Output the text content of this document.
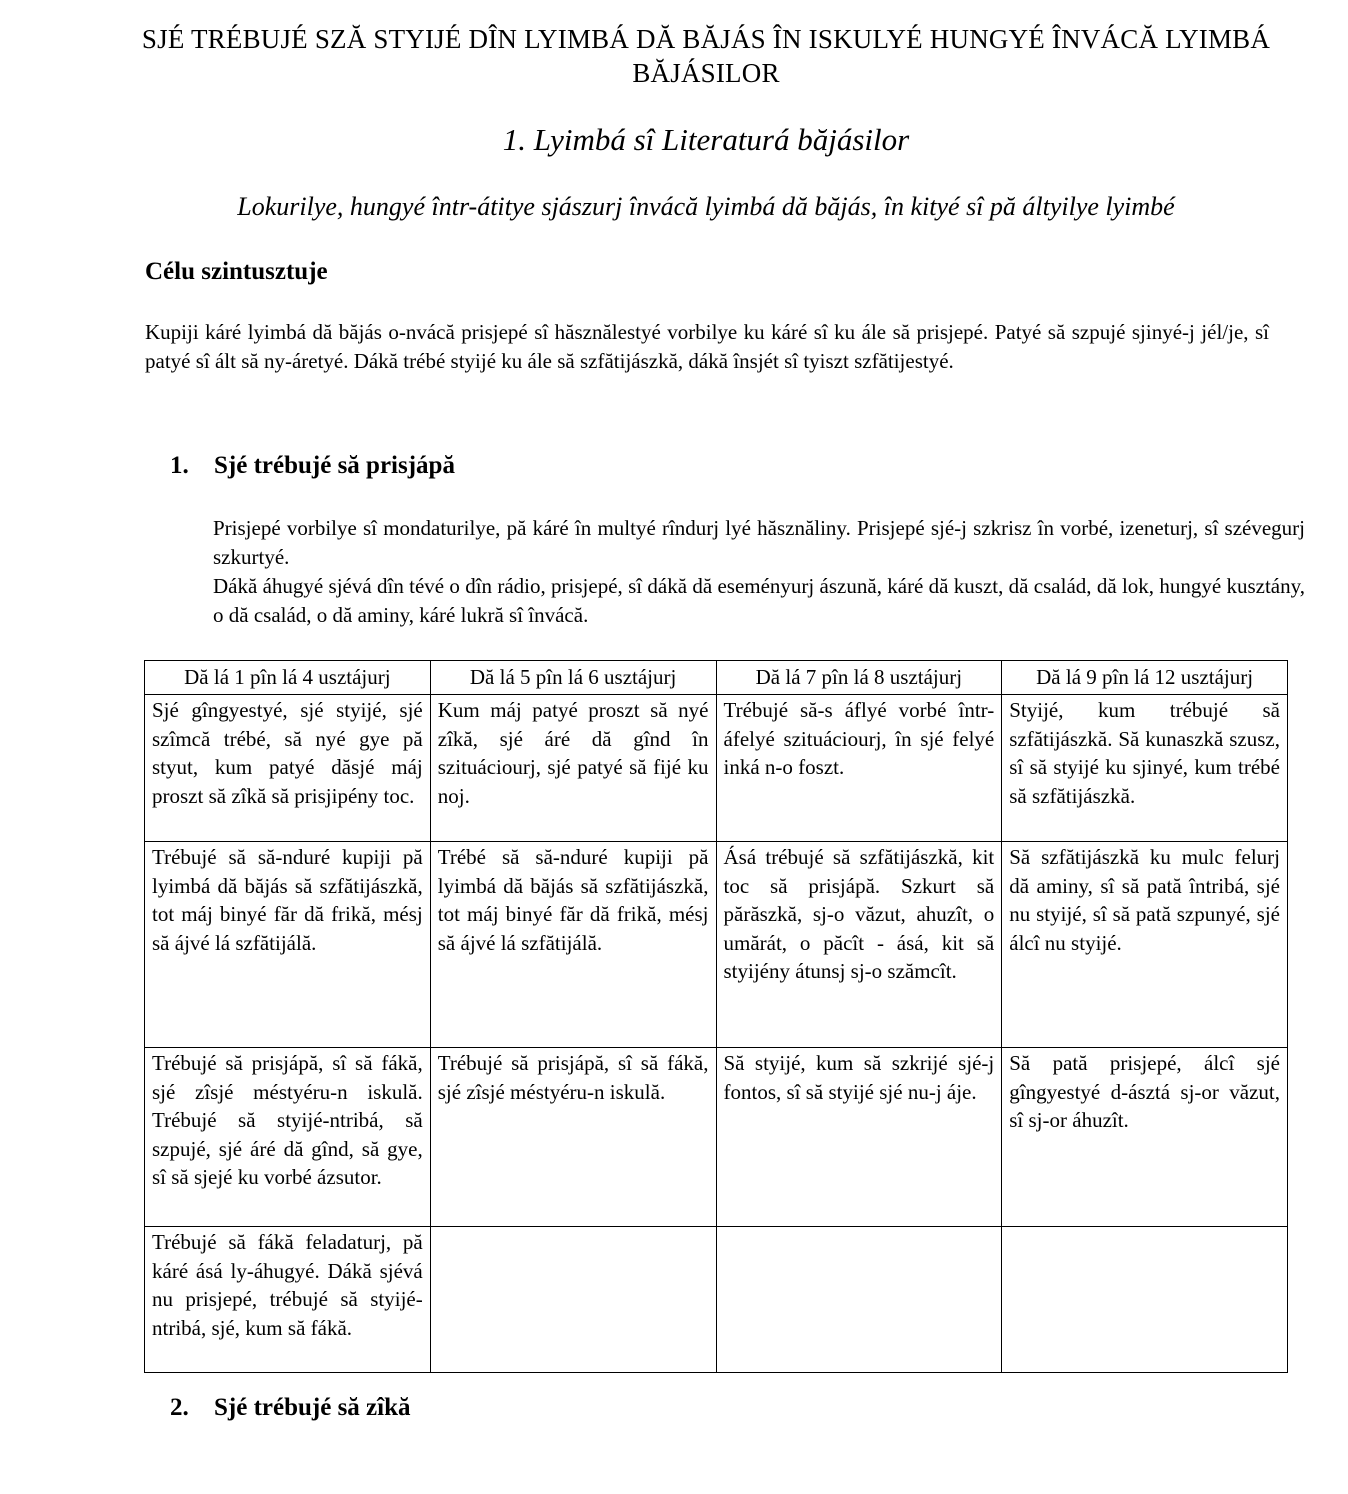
SJÉ TRÉBUJÉ SZĂ STYIJÉ DÎN LYIMBÁ DĂ BĂJÁS ÎN ISKULYÉ HUNGYÉ ÎNVÁCĂ LYIMBÁ BĂJÁSILOR
1. Lyimbá sî Literaturá băjásilor

Lokurilye, hungyé într-átitye sjászurj învácă lyimbá dă băjás, în kityé sî pă áltyilye lyimbé

Célu szintusztuje

Kupiji káré lyimbá dă băjás o-nvácă prisjepé sî hăsznălestyé vorbilye ku káré sî ku ále să prisjepé. Patyé să szpujé sjinyé-j jél/je, sî patyé sî ált să ny-áretyé. Dákă trébé styijé ku ále să szfătijászkă, dákă însjét sî tyiszt szfătijestyé.

1. Sjé trébujé să prisjápă

Prisjepé vorbilye sî mondaturilye, pă káré în multyé rîndurj lyé hăsznăliny. Prisjepé sjé-j szkrisz în vorbé, izeneturj, sî szévegurj szkurtyé.

Dákă áhugyé sjévá dîn tévé o dîn rádio, prisjepé, sî dákă dă eseményurj ászună, káré dă kuszt, dă család, dă lok, hungyé kusztány, o dă család, o dă aminy, káré lukră sî învácă.

Dă lá 1 pîn lá 4 usztájurj	Dă lá 5 pîn lá 6 usztájurj	Dă lá 7 pîn lá 8 usztájurj	Dă lá 9 pîn lá 12 usztájurj
Sjé gîngyestyé, sjé styijé, sjé szîmcă trébé, să nyé gye pă styut, kum patyé dăsjé máj proszt să zîkă să prisjipény toc.	Kum máj patyé proszt să nyé zîkă, sjé áré dă gînd în szituáciourj, sjé patyé să fijé ku noj.	Trébujé să-s áflyé vorbé într-áfelyé szituáciourj, în sjé felyé inká n-o foszt.	Styijé, kum trébujé să szfătijászkă. Să kunaszkă szusz, sî să styijé ku sjinyé, kum trébé să szfătijászkă.
Trébujé să să-nduré kupiji pă lyimbá dă băjás să szfătijászkă, tot máj binyé făr dă frikă, mésj să ájvé lá szfătijálă.	Trébé să să-nduré kupiji pă lyimbá dă băjás să szfătijászkă, tot máj binyé făr dă frikă, mésj să ájvé lá szfătijálă.	Ásá trébujé să szfătijászkă, kit toc să prisjápă. Szkurt să părăszkă, sj-o văzut, ahuzît, o umărát, o păcît - ásá, kit să styijény átunsj sj-o szămcît.	Să szfătijászkă ku mulc felurj dă aminy, sî să pată întribá, sjé nu styijé, sî să pată szpunyé, sjé álcî nu styijé.
Trébujé să prisjápă, sî să fákă, sjé zîsjé méstyéru-n iskulă. Trébujé să styijé-ntribá, să szpujé, sjé áré dă gînd, să gye, sî să sjejé ku vorbé ázsutor.	Trébujé să prisjápă, sî să fákă, sjé zîsjé méstyéru-n iskulă.	Să styijé, kum să szkrijé sjé-j fontos, sî să styijé sjé nu-j áje.	Să pată prisjepé, álcî sjé gîngyestyé d-ásztá sj-or văzut, sî sj-or áhuzît.
Trébujé să fákă feladaturj, pă káré ásá ly-áhugyé. Dákă sjévá nu prisjepé, trébujé să styijé-ntribá, sjé, kum să fákă.			
2. Sjé trébujé să zîkă
